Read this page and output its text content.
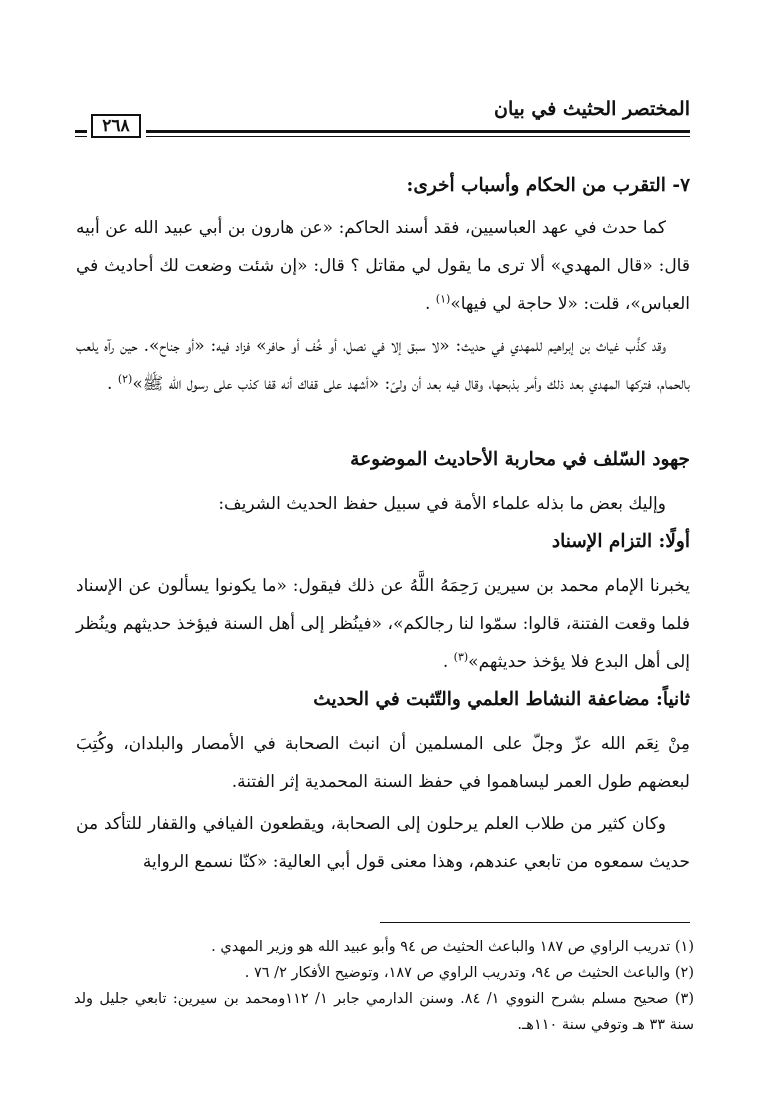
المختصر الحثيث في بيان
٢٦٨
٧- التقرب من الحكام وأسباب أخرى:
كما حدث في عهد العباسيين، فقد أسند الحاكم: «عن هارون بن أبي عبيد الله عن أبيه قال: «قال المهدي» ألا ترى ما يقول لي مقاتل ؟ قال: «إن شئت وضعت لك أحاديث في العباس»، قلت: «لا حاجة لي فيها»$^{(١)}$ .
وقد كذَّب غياث بن إبراهيم للمهدي في حديث: «لا سبق إلا في نصل، أو خُف أو حافر» فزاد فيه: «أو جناح». حين رآه يلعب بالحمام، فتركها المهدي بعد ذلك وأمر بذبحها، وقال فيه بعد أن ولىّ: «أشهد على قفاك أنه قفا كذب على رسول الله ﷺ»$^{(٢)}$ .
جهود السّلف في محاربة الأحاديث الموضوعة
وإليك بعض ما بذله علماء الأمة في سبيل حفظ الحديث الشريف:
أولًا: التزام الإسناد
يخبرنا الإمام محمد بن سيرين رَحِمَهُ اللَّهُ عن ذلك فيقول: «ما يكونوا يسألون عن الإسناد فلما وقعت الفتنة، قالوا: سمّوا لنا رجالكم»، «فينُظر إلى أهل السنة فيؤخذ حديثهم وينُظر إلى أهل البدع فلا يؤخذ حديثهم»$^{(٣)}$ .
ثانياً: مضاعفة النشاط العلمي والتّثبت في الحديث
مِنْ نِعَم الله عزّ وجلّ على المسلمين أن انبث الصحابة في الأمصار والبلدان، وكُتِبَ لبعضهم طول العمر ليساهموا في حفظ السنة المحمدية إثر الفتنة.
وكان كثير من طلاب العلم يرحلون إلى الصحابة، ويقطعون الفيافي والقفار للتأكد من حديث سمعوه من تابعي عندهم، وهذا معنى قول أبي العالية: «كنّا نسمع الرواية
(١) تدريب الراوي ص ١٨٧ والباعث الحثيث ص ٩٤ وأبو عبيد الله هو وزير المهدي .
(٢) والباعث الحثيث ص ٩٤، وتدريب الراوي ص ١٨٧، وتوضيح الأفكار ٢/ ٧٦ .
(٣) صحيح مسلم بشرح النووي ١/ ٨٤. وسنن الدارمي جابر ١/ ١١٢ومحمد بن سيرين: تابعي جليل ولد سنة ٣٣ هـ وتوفي سنة ١١٠هـ.
